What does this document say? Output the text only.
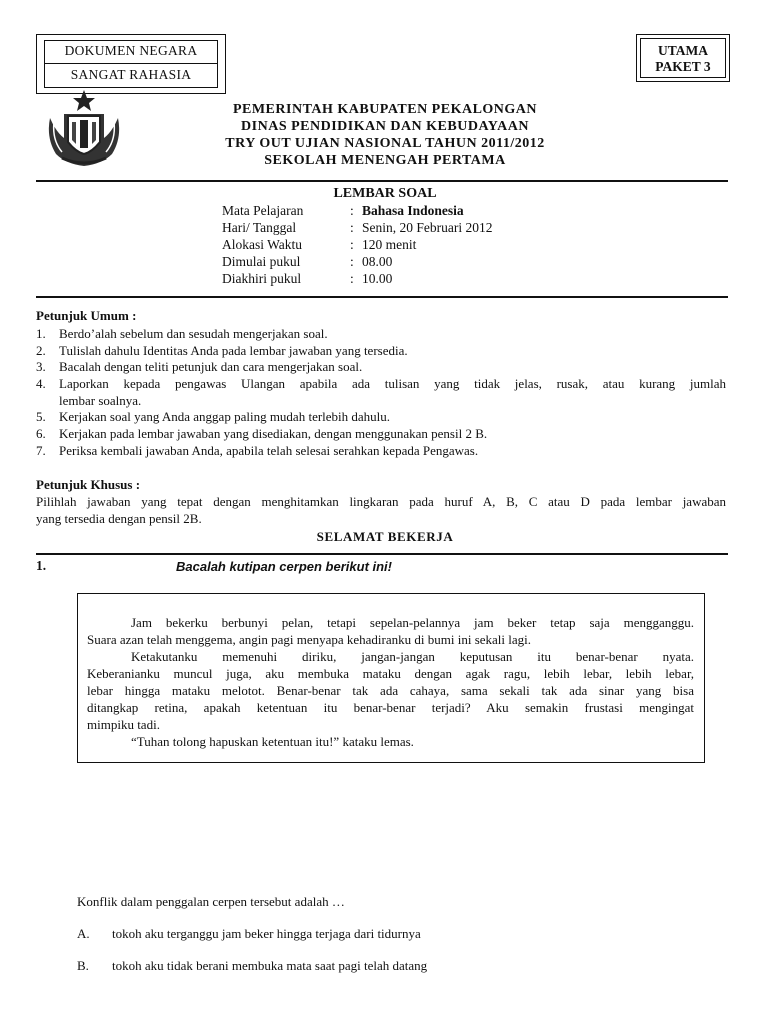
DOKUMEN NEGARA
SANGAT RAHASIA
UTAMA
PAKET 3
PEMERINTAH KABUPATEN PEKALONGAN
DINAS PENDIDIKAN DAN KEBUDAYAAN
TRY OUT UJIAN NASIONAL TAHUN 2011/2012
SEKOLAH MENENGAH PERTAMA
LEMBAR SOAL
Mata Pelajaran	: Bahasa Indonesia
Hari/ Tanggal	: Senin, 20 Februari 2012
Alokasi Waktu	: 120 menit
Dimulai pukul	: 08.00
Diakhiri pukul	: 10.00
Petunjuk Umum :
1. Berdo’alah sebelum dan sesudah mengerjakan soal.
2. Tulislah dahulu Identitas Anda pada lembar jawaban yang tersedia.
3. Bacalah dengan teliti petunjuk dan cara mengerjakan soal.
4. Laporkan kepada pengawas Ulangan apabila ada tulisan yang tidak jelas, rusak, atau kurang jumlah
lembar soalnya.
5. Kerjakan soal yang Anda anggap paling mudah terlebih dahulu.
6. Kerjakan pada lembar jawaban yang disediakan, dengan menggunakan pensil 2 B.
7. Periksa kembali jawaban Anda, apabila telah selesai serahkan kepada Pengawas.
Petunjuk Khusus :
Pilihlah jawaban yang tepat dengan menghitamkan lingkaran pada huruf A, B, C atau D pada lembar jawaban
yang tersedia dengan pensil 2B.
SELAMAT BEKERJA
1.	Bacalah kutipan cerpen berikut ini!

Jam bekerku berbunyi pelan, tetapi sepelan-pelannya jam beker tetap saja mengganggu.

Suara azan telah menggema, angin pagi menyapa kehadiranku di bumi ini sekali lagi.

Ketakutanku memenuhi diriku, jangan-jangan keputusan itu benar-benar nyata.

Keberanianku muncul juga, aku membuka mataku dengan agak ragu, lebih lebar, lebih lebar,

lebar hingga mataku melotot. Benar-benar tak ada cahaya, sama sekali tak ada sinar yang bisa

ditangkap retina, apakah ketentuan itu benar-benar terjadi? Aku semakin frustasi mengingat

mimpiku tadi.

“Tuhan tolong hapuskan ketentuan itu!” kataku lemas.

Konflik dalam penggalan cerpen tersebut adalah …
A. tokoh aku terganggu jam beker hingga terjaga dari tidurnya
B. tokoh aku tidak berani membuka mata saat pagi telah datang
